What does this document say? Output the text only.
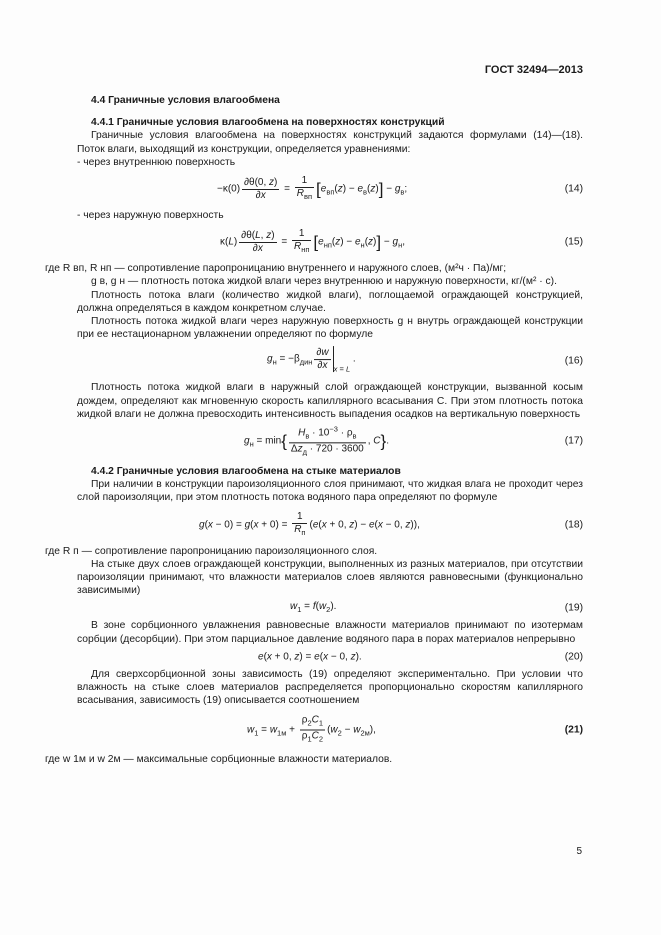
ГОСТ 32494—2013

4.4 Граничные условия влагообмена

4.4.1 Граничные условия влагообмена на поверхностях конструкций

Граничные условия влагообмена на поверхностях конструкций задаются формулами (14)—(18). Поток влаги, выходящий из конструкции, определяется уравнениями:

- через внутреннюю поверхность

$-\kappa(0) \frac{\partial\theta(0, z)}{\partial x} = \frac{1}{R_{вп}} [e_{вп}(z) - e_в(z)] - g_в$;	(14)

- через наружную поверхность

$\kappa(L) \frac{\partial\theta(L, z)}{\partial x} = \frac{1}{R_{нп}} [e_{нп}(z) - e_н(z)] - g_н$,	(15)

где R вп, R нп — сопротивление паропроницанию внутреннего и наружного слоев, (м²ч · Па)/мг;

g в, g н — плотность потока жидкой влаги через внутреннюю и наружную поверхности, кг/(м² · с).

Плотность потока влаги (количество жидкой влаги), поглощаемой ограждающей конструкцией, должна определяться в каждом конкретном случае.

Плотность потока жидкой влаги через наружную поверхность g н внутрь ограждающей конструкции при ее нестационарном увлажнении определяют по формуле

$g_н = -\beta_{дин} \frac{\partial w}{\partial x} _{x = L}$ .	(16)

Плотность потока жидкой влаги в наружный слой ограждающей конструкции, вызванной косым дождем, определяют как мгновенную скорость капиллярного всасывания С. При этом плотность потока жидкой влаги не должна превосходить интенсивность выпадения осадков на вертикальную поверхность

$g_н = \min\{ \frac{H_в \cdot 10^{-3} \cdot \rho_в}{\Delta z_д \cdot 720 \cdot 3600}$ , C}.	(17)

4.4.2 Граничные условия влагообмена на стыке материалов

При наличии в конструкции пароизоляционного слоя принимают, что жидкая влага не проходит через слой пароизоляции, при этом плотность потока водяного пара определяют по формуле

$g(x - 0) = g(x + 0) = \frac{1}{R_п} (e(x + 0$, z) − e(x − 0, z)),	(18)

где R п — сопротивление паропроницанию пароизоляционного слоя.

На стыке двух слоев ограждающей конструкции, выполненных из разных материалов, при отсутствии пароизоляции принимают, что влажности материалов слоев являются равновесными (функционально зависимыми)

$w_1 = f(w_2)$.	(19)

В зоне сорбционного увлажнения равновесные влажности материалов принимают по изотермам сорбции (десорбции). При этом парциальное давление водяного пара в порах материалов непрерывно

e(x + 0, z) = e(x − 0, z).	(20)

Для сверхсорбционной зоны зависимость (19) определяют экспериментально. При условии что влажность на стыке слоев материалов распределяется пропорционально скоростям капиллярного всасывания, зависимость (19) описывается соотношением

$w_1 = w_{1м} + \frac{\rho_2C_1}{\rho_1C_2} (w_2 - w_{2м})$,	(21)

где w 1м и w 2м — максимальные сорбционные влажности материалов.

5
